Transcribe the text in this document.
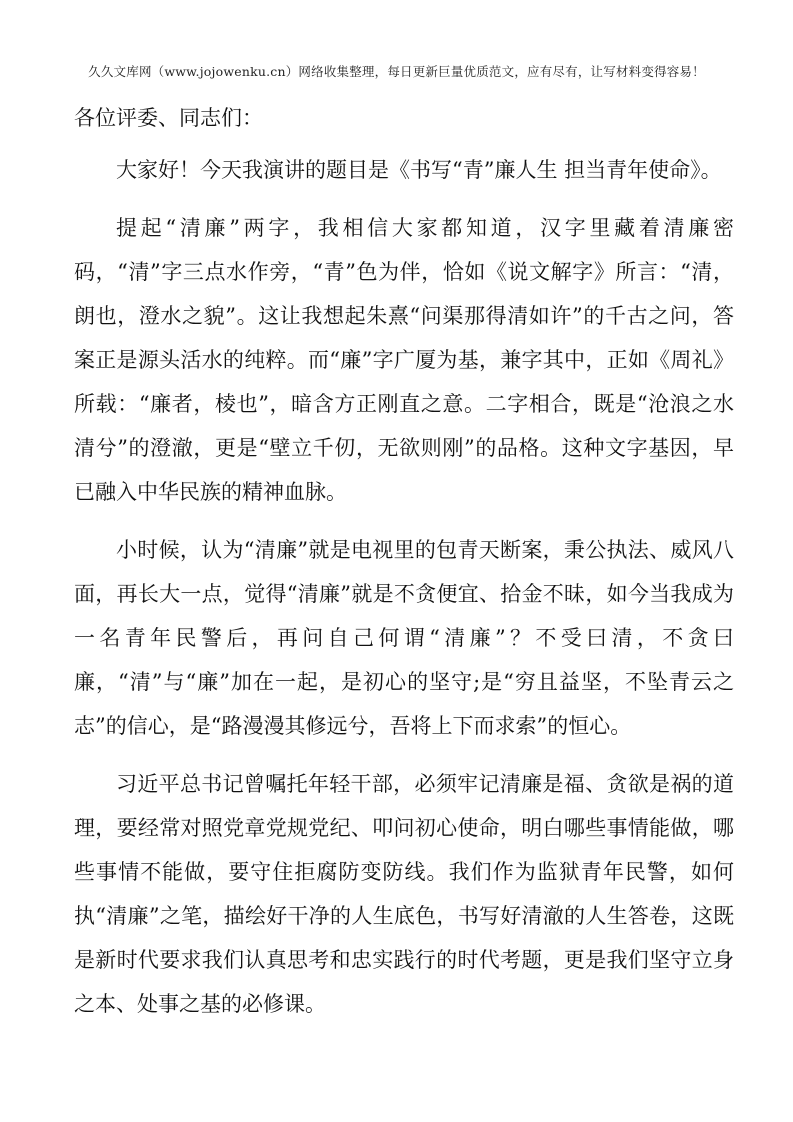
久久文库网（www.jojowenku.cn）网络收集整理，每日更新巨量优质范文，应有尽有，让写材料变得容易！

各位评委、同志们：

大家好！今天我演讲的题目是《书写“青”廉人生 担当青年使命》。

提起“清廉”两字，我相信大家都知道，汉字里藏着清廉密码，“清”字三点水作旁，“青”色为伴，恰如《说文解字》所言：“清，朗也，澄水之貌”。这让我想起朱熹“问渠那得清如许”的千古之问，答案正是源头活水的纯粹。而“廉”字广厦为基，兼字其中，正如《周礼》所载：“廉者，棱也”，暗含方正刚直之意。二字相合，既是“沧浪之水清兮”的澄澈，更是“壁立千仞，无欲则刚”的品格。这种文字基因，早已融入中华民族的精神血脉。

小时候，认为“清廉”就是电视里的包青天断案，秉公执法、威风八面，再长大一点，觉得“清廉”就是不贪便宜、拾金不昧，如今当我成为一名青年民警后，再问自己何谓“清廉”？不受曰清，不贪曰廉，“清”与“廉”加在一起，是初心的坚守;是“穷且益坚，不坠青云之志”的信心，是“路漫漫其修远兮，吾将上下而求索”的恒心。

习近平总书记曾嘱托年轻干部，必须牢记清廉是福、贪欲是祸的道理，要经常对照党章党规党纪、叩问初心使命，明白哪些事情能做，哪些事情不能做，要守住拒腐防变防线。我们作为监狱青年民警，如何执“清廉”之笔，描绘好干净的人生底色，书写好清澈的人生答卷，这既是新时代要求我们认真思考和忠实践行的时代考题，更是我们坚守立身之本、处事之基的必修课。
